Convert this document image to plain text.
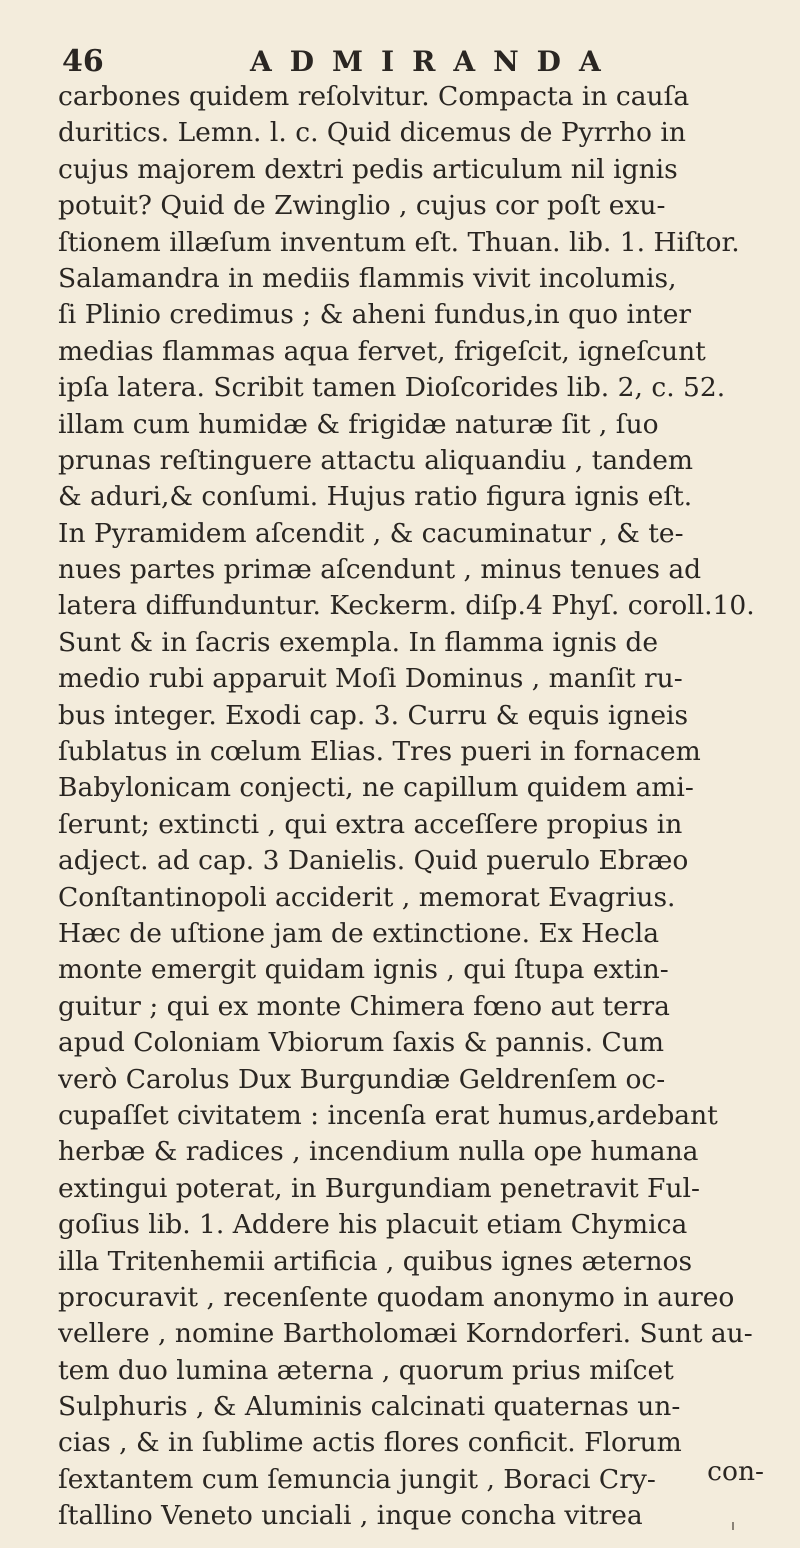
46	ADMIRANDA
carbones quidem reſolvitur. Compacta in cauſa
duritics. Lemn. l. c. Quid dicemus de Pyrrho in
cujus majorem dextri pedis articulum nil ignis
potuit? Quid de Zwinglio , cujus cor poſt exu-
ſtionem illæſum inventum eſt. Thuan. lib. 1. Hiſtor.
Salamandra in mediis flammis vivit incolumis,
ſi Plinio credimus ; & aheni fundus,in quo inter
medias flammas aqua fervet, frigeſcit, igneſcunt
ipſa latera. Scribit tamen Dioſcorides lib. 2, c. 52.
illam cum humidæ & frigidæ naturæ ſit , ſuo
prunas reſtinguere attactu aliquandiu , tandem
& aduri,& conſumi. Hujus ratio figura ignis eſt.
In Pyramidem aſcendit , & cacuminatur , & te-
nues partes primæ aſcendunt , minus tenues ad
latera diffunduntur. Keckerm. diſp.4 Phyſ. coroll.10.
Sunt & in ſacris exempla. In flamma ignis de
medio rubi apparuit Moſi Dominus , manſit ru-
bus integer. Exodi cap. 3. Curru & equis igneis
ſublatus in cœlum Elias. Tres pueri in fornacem
Babylonicam conjecti, ne capillum quidem ami-
ſerunt; extincti , qui extra acceſſere propius in
adject. ad cap. 3 Danielis. Quid puerulo Ebræo
Conſtantinopoli acciderit , memorat Evagrius.
Hæc de uſtione jam de extinctione. Ex Hecla
monte emergit quidam ignis , qui ſtupa extin-
guitur ; qui ex monte Chimera fœno aut terra
apud Coloniam Vbiorum ſaxis & pannis. Cum
verò Carolus Dux Burgundiæ Geldrenſem oc-
cupaſſet civitatem : incenſa erat humus,ardebant
herbæ & radices , incendium nulla ope humana
extingui poterat, in Burgundiam penetravit Ful-
goſius lib. 1. Addere his placuit etiam Chymica
illa Tritenhemii artificia , quibus ignes æternos
procuravit , recenſente quodam anonymo in aureo
vellere , nomine Bartholomæi Korndorferi. Sunt au-
tem duo lumina æterna , quorum prius miſcet
Sulphuris , & Aluminis calcinati quaternas un-
cias , & in ſublime actis flores conficit. Florum
ſextantem cum ſemuncia jungit , Boraci Cry-
ſtallino Veneto unciali , inque concha vitrea
con-
